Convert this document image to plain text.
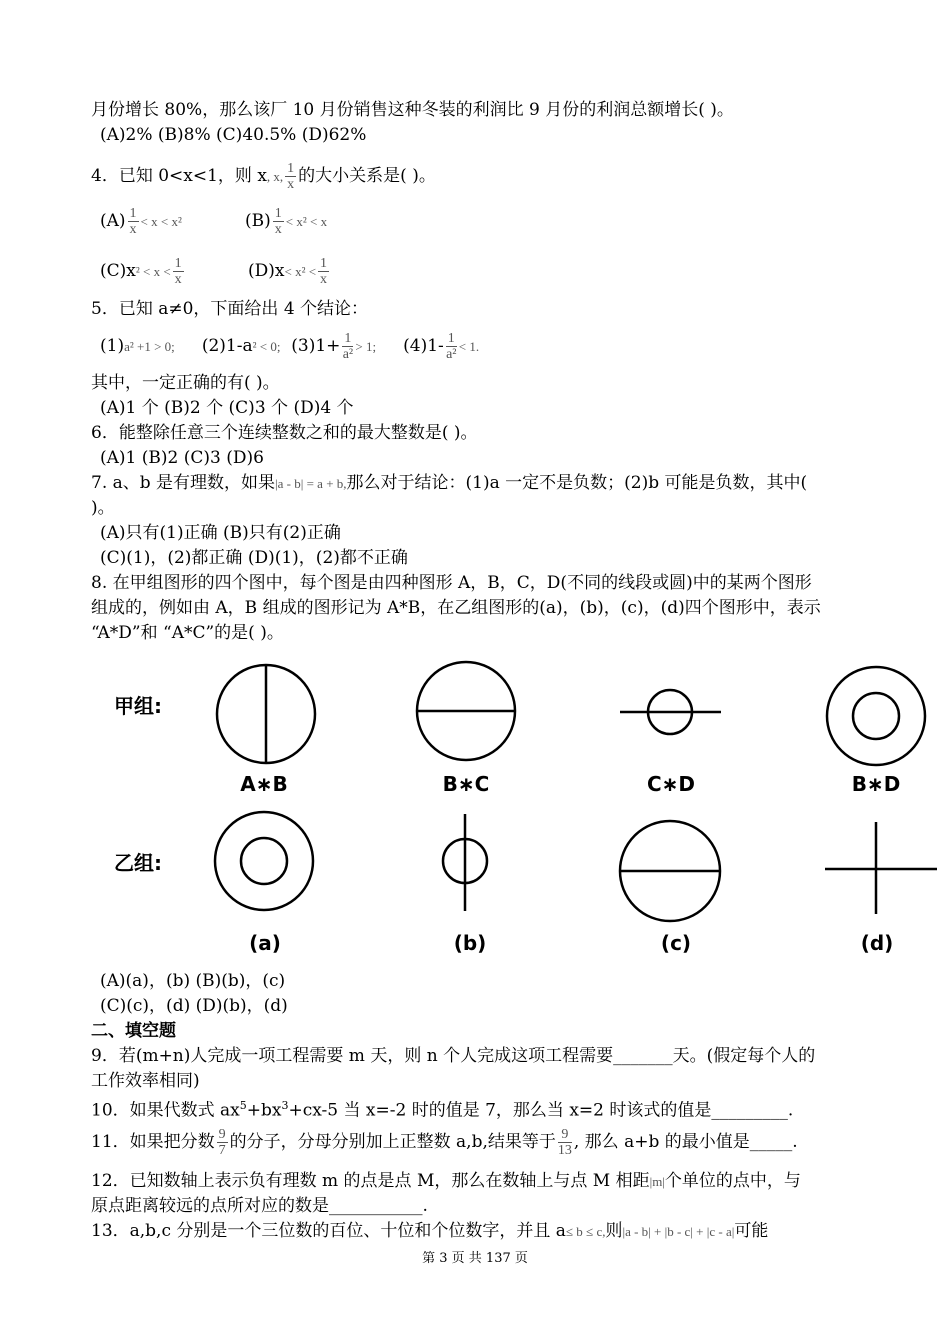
月份增长 80%，那么该厂 10 月份销售这种冬装的利润比 9 月份的利润总额增长( )。
(A)2% (B)8% (C)40.5% (D)62%
4．已知 0<x<1，则 x, x, $\frac{1}{x}$ 的大小关系是( )。
$(A) \frac{1}{x} < x < x^2$	$(B) \frac{1}{x} < x^2 < x$
$(C)x^2 < x < \frac{1}{x}$	$(D)x< x^2 < \frac{1}{x}$
5．已知 a≠0，下面给出 4 个结论：
(1)a² +1 > 0; (2)1-a² < 0; $(3)1+ \frac{1}{\text{a²}} > 1$; $(4)1- \frac{1}{\text{a²}} < 1$.
其中，一定正确的有( )。
(A)1 个 (B)2 个 (C)3 个 (D)4 个
6．能整除任意三个连续整数之和的最大整数是( )。
(A)1 (B)2 (C)3 (D)6
7. a、b 是有理数，如果|a - b| = a + b,那么对于结论：(1)a 一定不是负数；(2)b 可能是负数，其中(
)。
(A)只有(1)正确 (B)只有(2)正确
(C)(1)，(2)都正确 (D)(1)，(2)都不正确
8. 在甲组图形的四个图中，每个图是由四种图形 A，B，C，D(不同的线段或圆)中的某两个图形
组成的，例如由 A，B 组成的图形记为 A*B，在乙组图形的(a)，(b)，(c)，(d)四个图形中，表示
“A*D”和 “A*C”的是( )。
甲组:
乙组:
A∗B	B∗C	C∗D	B∗D
(a)	(b)	(c)	(d)
(A)(a)，(b) (B)(b)，(c)
(C)(c)，(d) (D)(b)，(d)
二、填空题
9．若(m+n)人完成一项工程需要 m 天，则 n 个人完成这项工程需要_______天。(假定每个人的
工作效率相同)
10．如果代数式 $ax^5+bx^3+cx-5$ 当 x=-2 时的值是 7，那么当 x=2 时该式的值是_________.
11．如果把分数 $\frac{9}{7}$ 的分子，分母分别加上正整数 a,b,结果等于 $\frac{9}{13}$ , 那么 a+b 的最小值是_____.
12．已知数轴上表示负有理数 m 的点是点 M，那么在数轴上与点 M 相距|m|个单位的点中，与
原点距离较远的点所对应的数是___________.
13．a,b,c 分别是一个三位数的百位、十位和个位数字，并且 a≤ b ≤ c,则|a - b| + |b - c| + |c - a|可能
第 3 页 共 137 页
